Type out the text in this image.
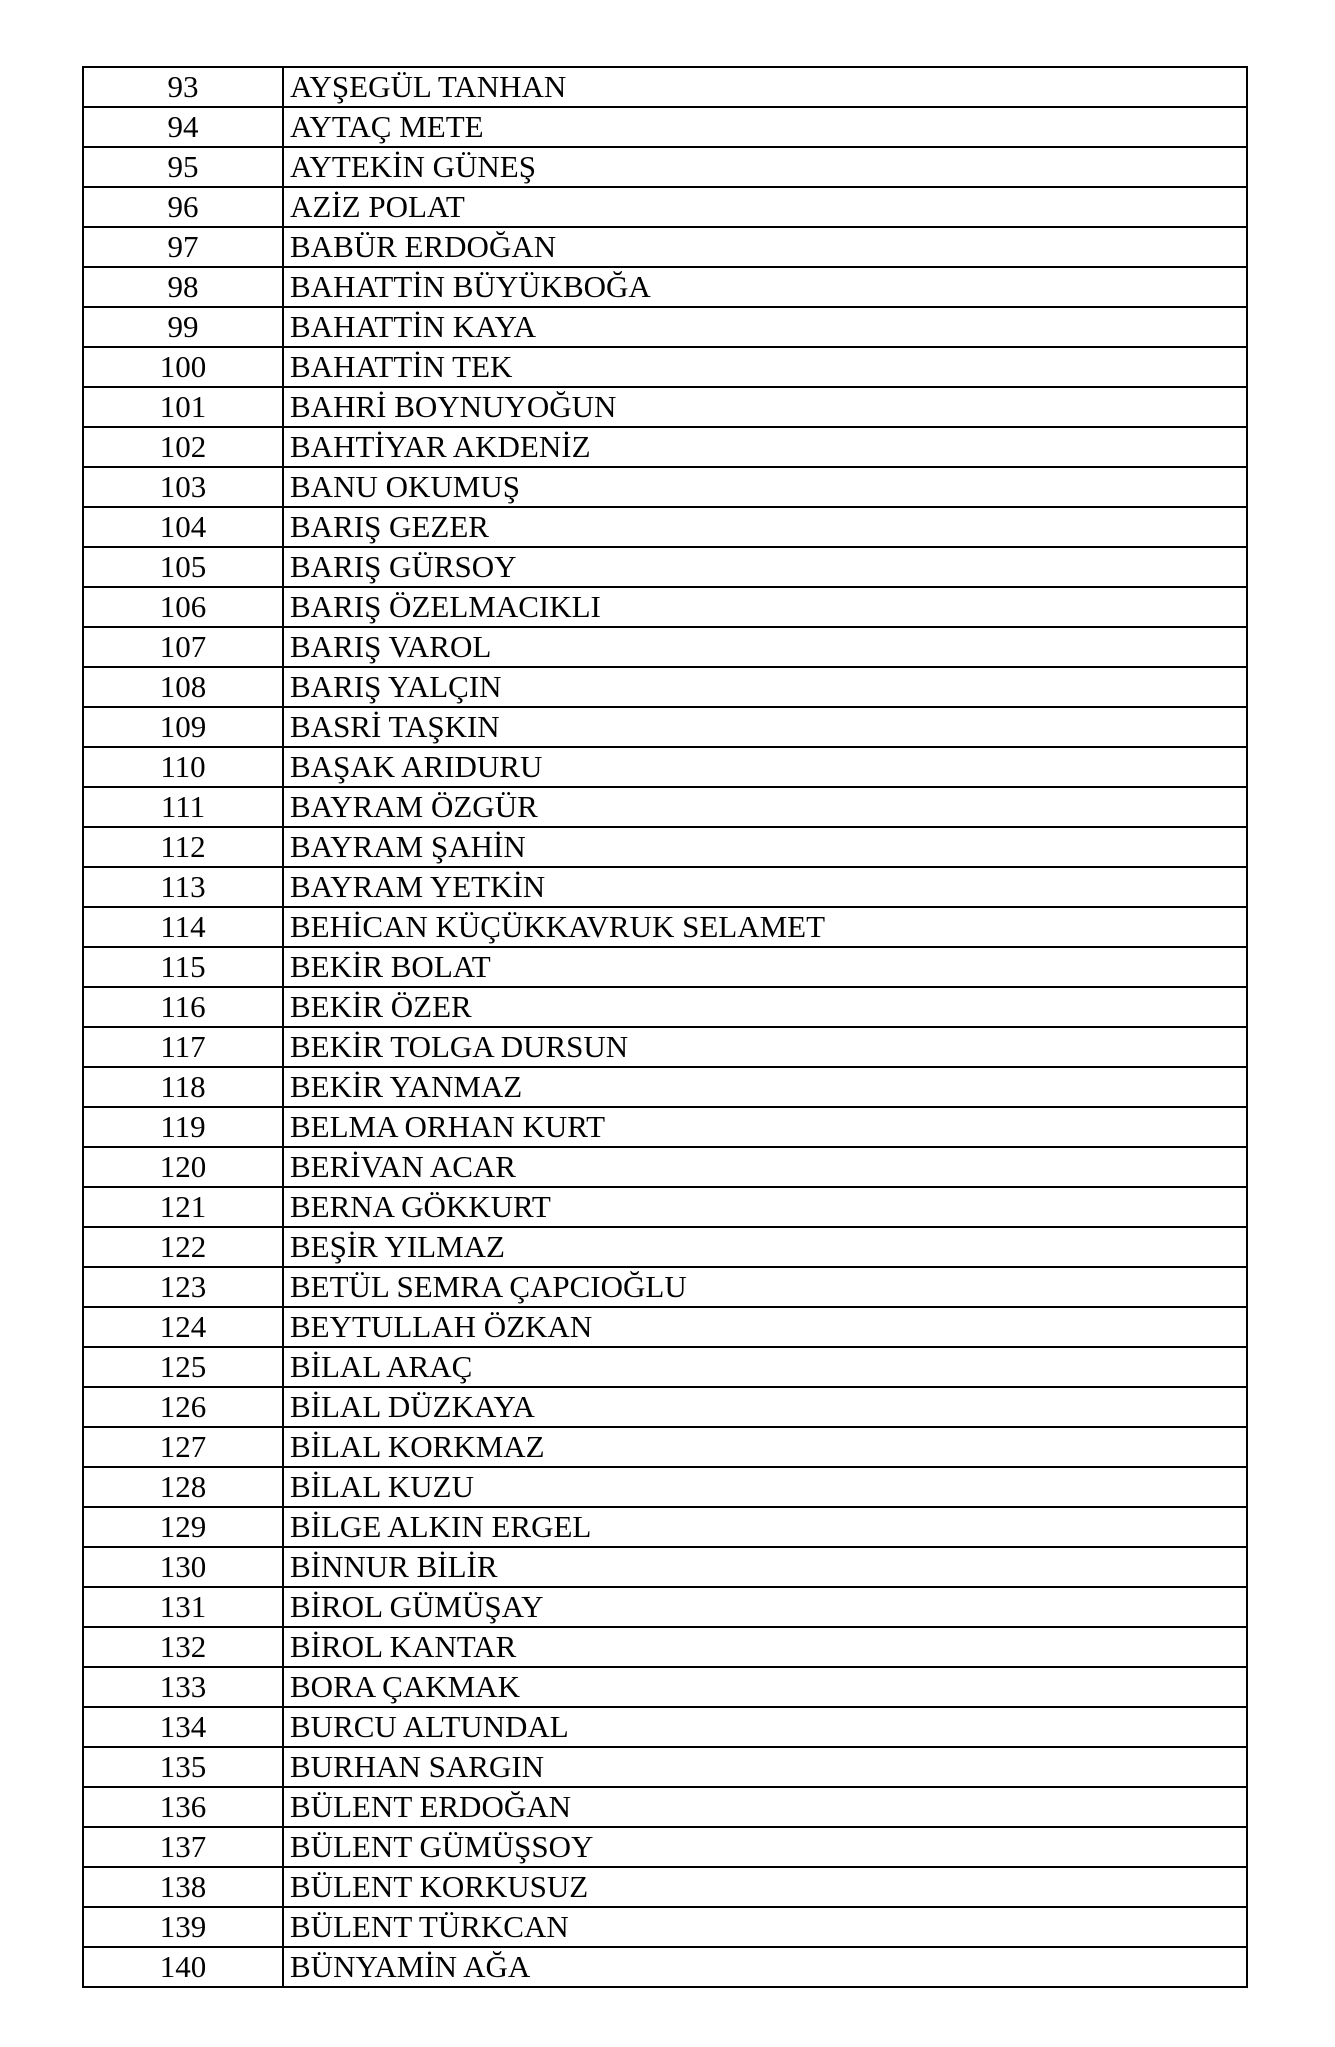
93	AYŞEGÜL TANHAN
94	AYTAÇ METE
95	AYTEKİN GÜNEŞ
96	AZİZ POLAT
97	BABÜR ERDOĞAN
98	BAHATTİN BÜYÜKBOĞA
99	BAHATTİN KAYA
100	BAHATTİN TEK
101	BAHRİ BOYNUYOĞUN
102	BAHTİYAR AKDENİZ
103	BANU OKUMUŞ
104	BARIŞ GEZER
105	BARIŞ GÜRSOY
106	BARIŞ ÖZELMACIKLI
107	BARIŞ VAROL
108	BARIŞ YALÇIN
109	BASRİ TAŞKIN
110	BAŞAK ARIDURU
111	BAYRAM ÖZGÜR
112	BAYRAM ŞAHİN
113	BAYRAM YETKİN
114	BEHİCAN KÜÇÜKKAVRUK SELAMET
115	BEKİR BOLAT
116	BEKİR ÖZER
117	BEKİR TOLGA DURSUN
118	BEKİR YANMAZ
119	BELMA ORHAN KURT
120	BERİVAN ACAR
121	BERNA GÖKKURT
122	BEŞİR YILMAZ
123	BETÜL SEMRA ÇAPCIOĞLU
124	BEYTULLAH ÖZKAN
125	BİLAL ARAÇ
126	BİLAL DÜZKAYA
127	BİLAL KORKMAZ
128	BİLAL KUZU
129	BİLGE ALKIN ERGEL
130	BİNNUR BİLİR
131	BİROL GÜMÜŞAY
132	BİROL KANTAR
133	BORA ÇAKMAK
134	BURCU ALTUNDAL
135	BURHAN SARGIN
136	BÜLENT ERDOĞAN
137	BÜLENT GÜMÜŞSOY
138	BÜLENT KORKUSUZ
139	BÜLENT TÜRKCAN
140	BÜNYAMİN AĞA
